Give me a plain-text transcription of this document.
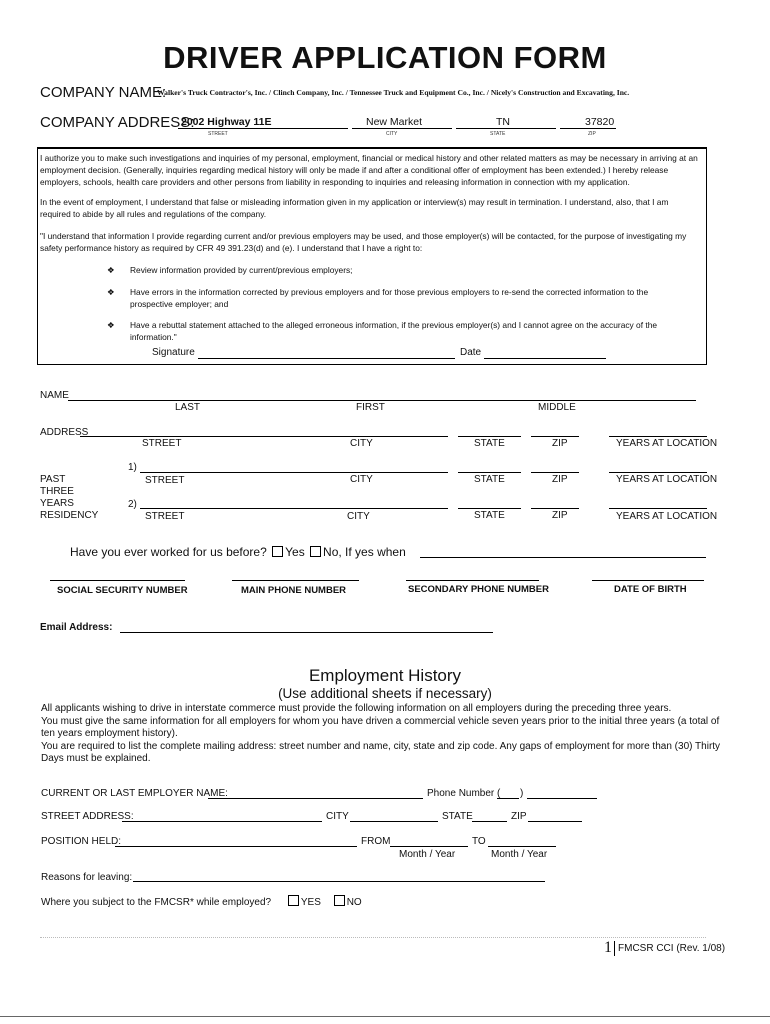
DRIVER APPLICATION FORM
COMPANY NAME:
Walker's Truck Contractor's, Inc. / Clinch Company, Inc. / Tennessee Truck and Equipment Co., Inc. / Nicely's Construction and Excavating, Inc.
COMPANY ADDRESS:
2002 Highway 11E	New Market	TN	37820
STREET	CITY	STATE	ZIP
I authorize you to make such investigations and inquiries of my personal, employment, financial or medical history and other related matters as may be necessary in arriving at an employment decision. (Generally, inquiries regarding medical history will only be made if and after a conditional offer of employment has been extended.) I hereby release employers, schools, health care providers and other persons from liability in responding to inquiries and releasing information in connection with my application.
In the event of employment, I understand that false or misleading information given in my application or interview(s) may result in termination. I understand, also, that I am required to abide by all rules and regulations of the company.
"I understand that information I provide regarding current and/or previous employers may be used, and those employer(s) will be contacted, for the purpose of investigating my safety performance history as required by CFR 49 391.23(d) and (e). I understand that I have a right to:
❖ Review information provided by current/previous employers;
❖ Have errors in the information corrected by previous employers and for those previous employers to re-send the corrected information to the prospective employer; and
❖ Have a rebuttal statement attached to the alleged erroneous information, if the previous employer(s) and I cannot agree on the accuracy of the information."
Signature	Date
NAME
LAST	FIRST	MIDDLE
ADDRESS
STREET	CITY	STATE	ZIP	YEARS AT LOCATION
PAST
THREE
YEARS
RESIDENCY
1)
STREET	CITY	STATE	ZIP	YEARS AT LOCATION
2)
STREET	CITY	STATE	ZIP	YEARS AT LOCATION
Have you ever worked for us before? Yes No, If yes when
SOCIAL SECURITY NUMBER	MAIN PHONE NUMBER	SECONDARY PHONE NUMBER	DATE OF BIRTH
Email Address:
Employment History
(Use additional sheets if necessary)
All applicants wishing to drive in interstate commerce must provide the following information on all employers during the preceding three years.
You must give the same information for all employers for whom you have driven a commercial vehicle seven years prior to the initial three years (a total of ten years employment history).
You are required to list the complete mailing address: street number and name, city, state and zip code. Any gaps of employment for more than (30) Thirty Days must be explained.
CURRENT OR LAST EMPLOYER NAME:	Phone Number ( )
STREET ADDRESS:	CITY	STATE	ZIP
POSITION HELD:	FROM	TO
Month / Year	Month / Year
Reasons for leaving:
Where you subject to the FMCSR* while employed?	YES	NO
1 FMCSR CCI (Rev. 1/08)
